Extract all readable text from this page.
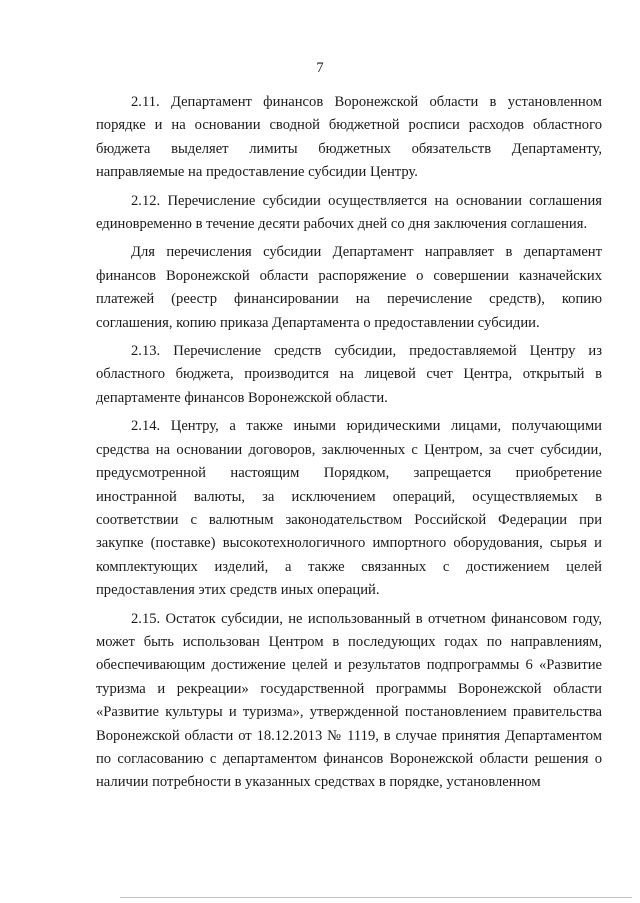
7

2.11. Департамент финансов Воронежской области в установленном порядке и на основании сводной бюджетной росписи расходов областного бюджета выделяет лимиты бюджетных обязательств Департаменту, направляемые на предоставление субсидии Центру.

2.12. Перечисление субсидии осуществляется на основании соглашения единовременно в течение десяти рабочих дней со дня заключения соглашения.

Для перечисления субсидии Департамент направляет в департамент финансов Воронежской области распоряжение о совершении казначейских платежей (реестр финансировании на перечисление средств), копию соглашения, копию приказа Департамента о предоставлении субсидии.

2.13. Перечисление средств субсидии, предоставляемой Центру из областного бюджета, производится на лицевой счет Центра, открытый в департаменте финансов Воронежской области.

2.14. Центру, а также иными юридическими лицами, получающими средства на основании договоров, заключенных с Центром, за счет субсидии, предусмотренной настоящим Порядком, запрещается приобретение иностранной валюты, за исключением операций, осуществляемых в соответствии с валютным законодательством Российской Федерации при закупке (поставке) высокотехнологичного импортного оборудования, сырья и комплектующих изделий, а также связанных с достижением целей предоставления этих средств иных операций.

2.15. Остаток субсидии, не использованный в отчетном финансовом году, может быть использован Центром в последующих годах по направлениям, обеспечивающим достижение целей и результатов подпрограммы 6 «Развитие туризма и рекреации» государственной программы Воронежской области «Развитие культуры и туризма», утвержденной постановлением правительства Воронежской области от 18.12.2013 № 1119, в случае принятия Департаментом по согласованию с департаментом финансов Воронежской области решения о наличии потребности в указанных средствах в порядке, установленном
